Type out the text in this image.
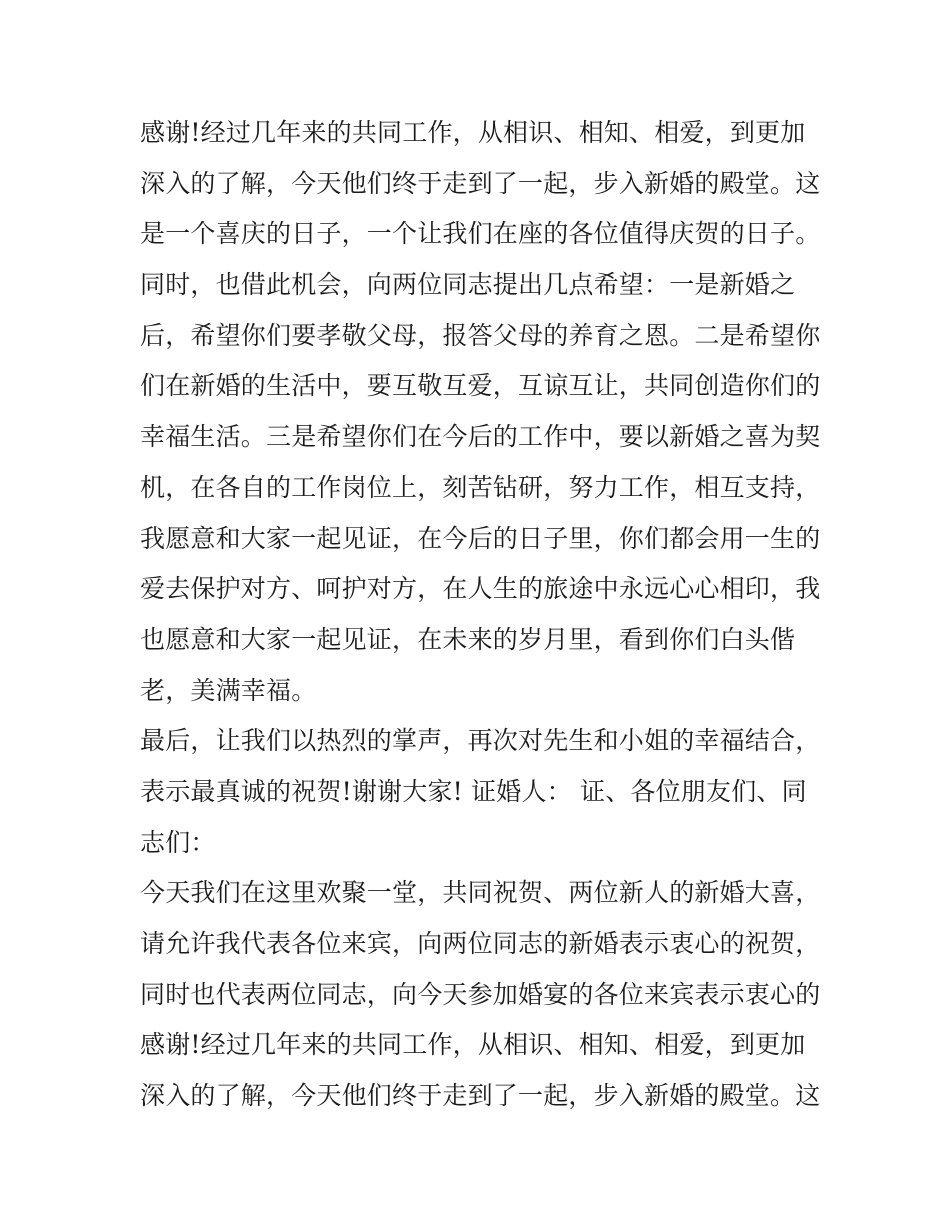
感谢!经过几年来的共同工作，从相识、相知、相爱，到更加
深入的了解，今天他们终于走到了一起，步入新婚的殿堂。这
是一个喜庆的日子，一个让我们在座的各位值得庆贺的日子。
同时，也借此机会，向两位同志提出几点希望：一是新婚之
后，希望你们要孝敬父母，报答父母的养育之恩。二是希望你
们在新婚的生活中，要互敬互爱，互谅互让，共同创造你们的
幸福生活。三是希望你们在今后的工作中，要以新婚之喜为契
机，在各自的工作岗位上，刻苦钻研，努力工作，相互支持，
我愿意和大家一起见证，在今后的日子里，你们都会用一生的
爱去保护对方、呵护对方，在人生的旅途中永远心心相印，我
也愿意和大家一起见证，在未来的岁月里，看到你们白头偕
老，美满幸福。
最后，让我们以热烈的掌声，再次对先生和小姐的幸福结合，
表示最真诚的祝贺!谢谢大家! 证婚人： 证、各位朋友们、同
志们：
今天我们在这里欢聚一堂，共同祝贺、两位新人的新婚大喜，
请允许我代表各位来宾，向两位同志的新婚表示衷心的祝贺，
同时也代表两位同志，向今天参加婚宴的各位来宾表示衷心的
感谢!经过几年来的共同工作，从相识、相知、相爱，到更加
深入的了解，今天他们终于走到了一起，步入新婚的殿堂。这
